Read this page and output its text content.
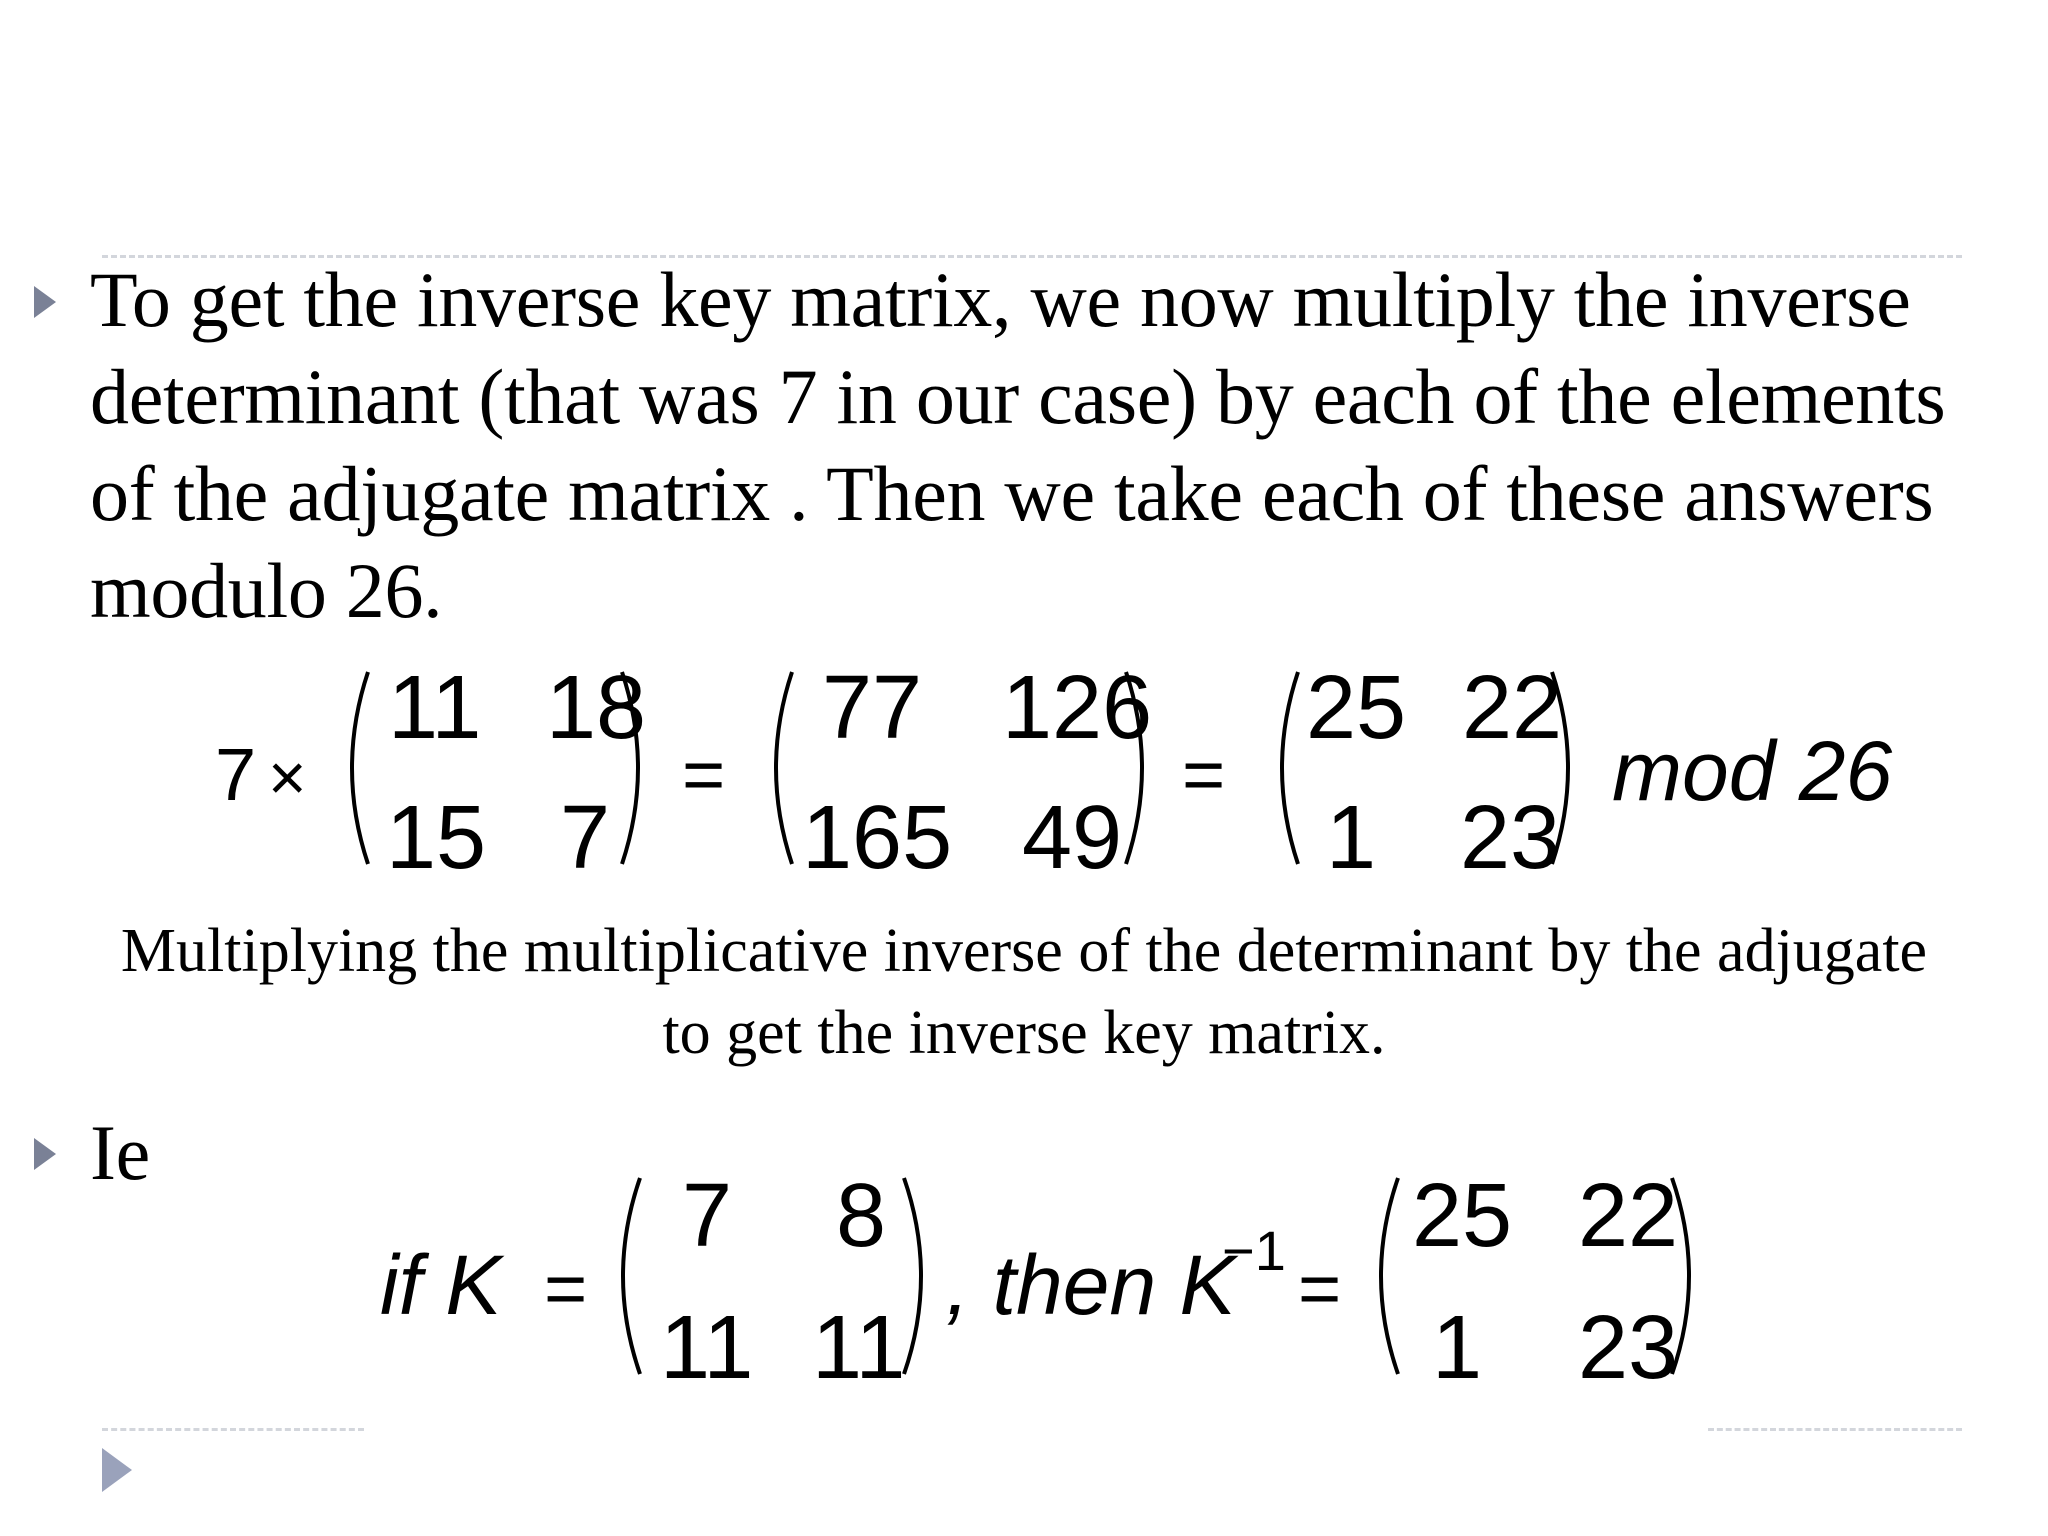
To get the inverse key matrix, we now multiply the inverse
determinant (that was 7 in our case) by each of the elements
of the adjugate matrix . Then we take each of these answers
modulo 26.

7 ×
11 18
15 7
=
77 126
165 49
=
25 22
1 23
mod 26
if K =
7 8
11 11
, then K
−1 =
25 22
1 23
Multiplying the multiplicative inverse of the determinant by the adjugate
to get the inverse key matrix.

Ie
